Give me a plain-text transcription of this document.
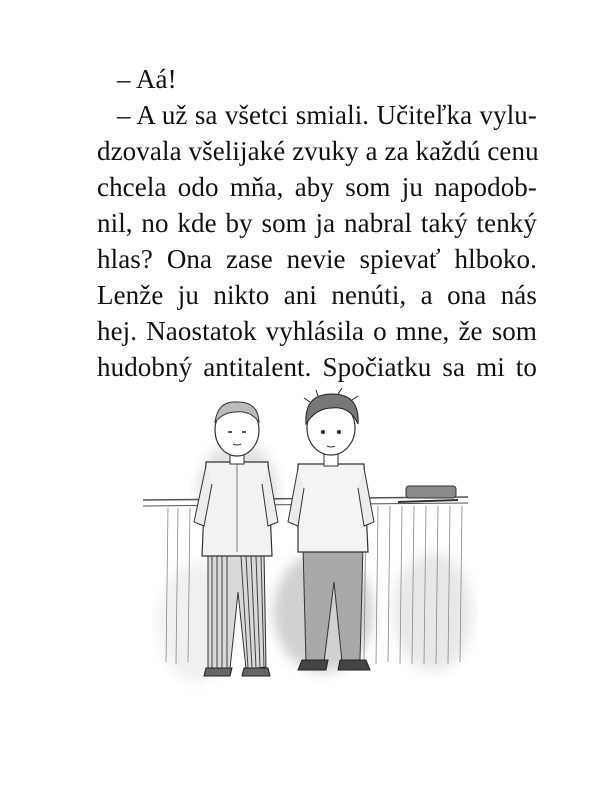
– Aá!
– A už sa všetci smiali. Učiteľka vylu-
dzovala všelijaké zvuky a za každú cenu
chcela odo mňa, aby som ju napodob-
nil, no kde by som ja nabral taký tenký
hlas? Ona zase nevie spievať hlboko.
Lenže ju nikto ani nenúti, a ona nás
hej. Naostatok vyhlásila o mne, že som
hudobný antitalent. Spočiatku sa mi to
